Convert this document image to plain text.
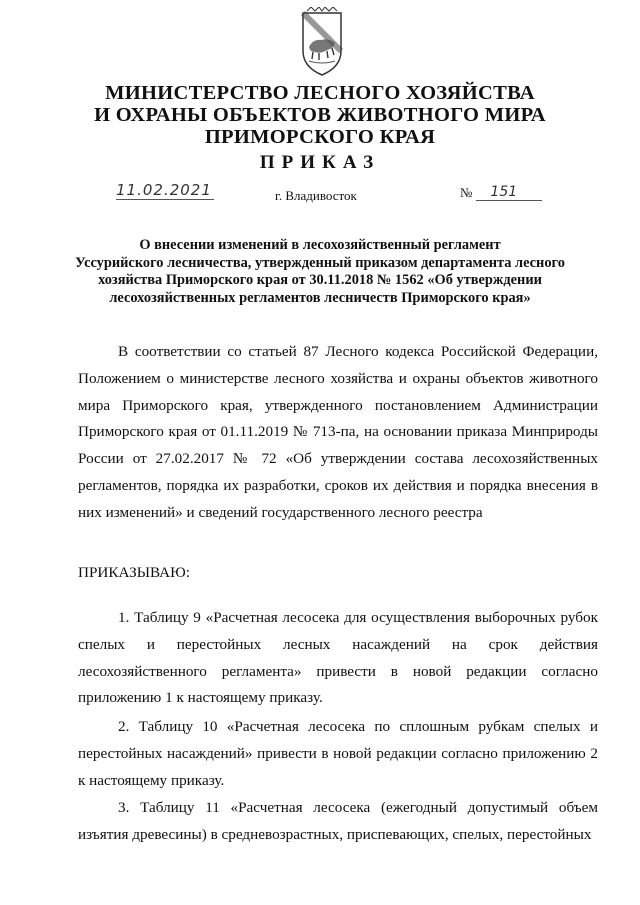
МИНИСТЕРСТВО ЛЕСНОГО ХОЗЯЙСТВА
И ОХРАНЫ ОБЪЕКТОВ ЖИВОТНОГО МИРА
ПРИМОРСКОГО КРАЯ
ПРИКАЗ
11.02.2021	г. Владивосток	№ 151
О внесении изменений в лесохозяйственный регламент
Уссурийского лесничества, утвержденный приказом департамента лесного
хозяйства Приморского края от 30.11.2018 № 1562 «Об утверждении
лесохозяйственных регламентов лесничеств Приморского края»

В соответствии со статьей 87 Лесного кодекса Российской Федерации, Положением о министерстве лесного хозяйства и охраны объектов животного мира Приморского края, утвержденного постановлением Администрации Приморского края от 01.11.2019 № 713-па, на основании приказа Минприроды России от 27.02.2017 № 72 «Об утверждении состава лесохозяйственных регламентов, порядка их разработки, сроков их действия и порядка внесения в них изменений» и сведений государственного лесного реестра

ПРИКАЗЫВАЮ:

1. Таблицу 9 «Расчетная лесосека для осуществления выборочных рубок спелых и перестойных лесных насаждений на срок действия лесохозяйственного регламента» привести в новой редакции согласно приложению 1 к настоящему приказу.

2. Таблицу 10 «Расчетная лесосека по сплошным рубкам спелых и перестойных насаждений» привести в новой редакции согласно приложению 2 к настоящему приказу.

3. Таблицу 11 «Расчетная лесосека (ежегодный допустимый объем изъятия древесины) в средневозрастных, приспевающих, спелых, перестойных
